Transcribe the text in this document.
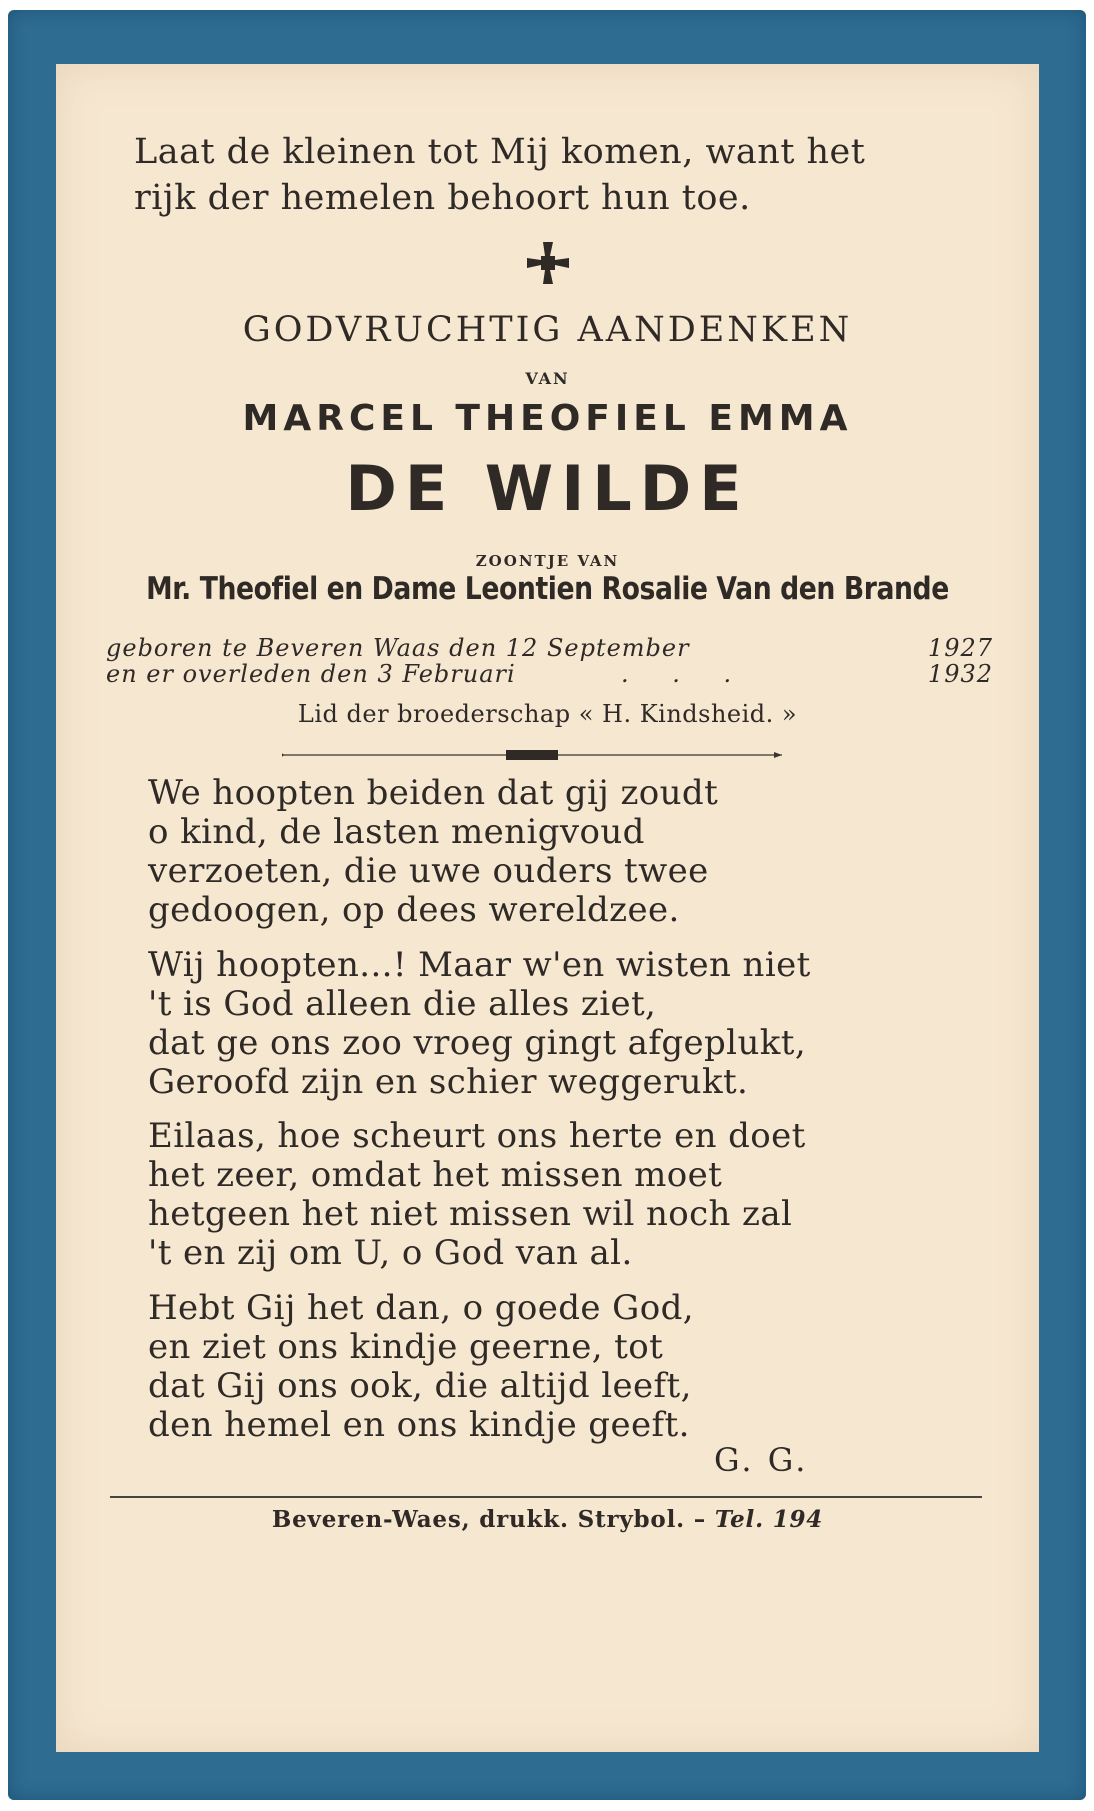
Laat de kleinen tot Mij komen, want het
rijk der hemelen behoort hun toe.
GODVRUCHTIG AANDENKEN
VAN
MARCEL THEOFIEL EMMA
DE WILDE
ZOONTJE VAN
Mr. Theofiel en Dame Leontien Rosalie Van den Brande
geboren te Beveren Waas den 12 September	1927
en er overleden den 3 Februari	. . .	1932
Lid der broederschap « H. Kindsheid. »
We hoopten beiden dat gij zoudt
o kind, de lasten menigvoud
verzoeten, die uwe ouders twee
gedoogen, op dees wereldzee.
Wij hoopten...! Maar w'en wisten niet
't is God alleen die alles ziet,
dat ge ons zoo vroeg gingt afgeplukt,
Geroofd zijn en schier weggerukt.
Eilaas, hoe scheurt ons herte en doet
het zeer, omdat het missen moet
hetgeen het niet missen wil noch zal
't en zij om U, o God van al.
Hebt Gij het dan, o goede God,
en ziet ons kindje geerne, tot
dat Gij ons ook, die altijd leeft,
den hemel en ons kindje geeft.
G. G.
Beveren-Waes, drukk. Strybol. – Tel. 194
